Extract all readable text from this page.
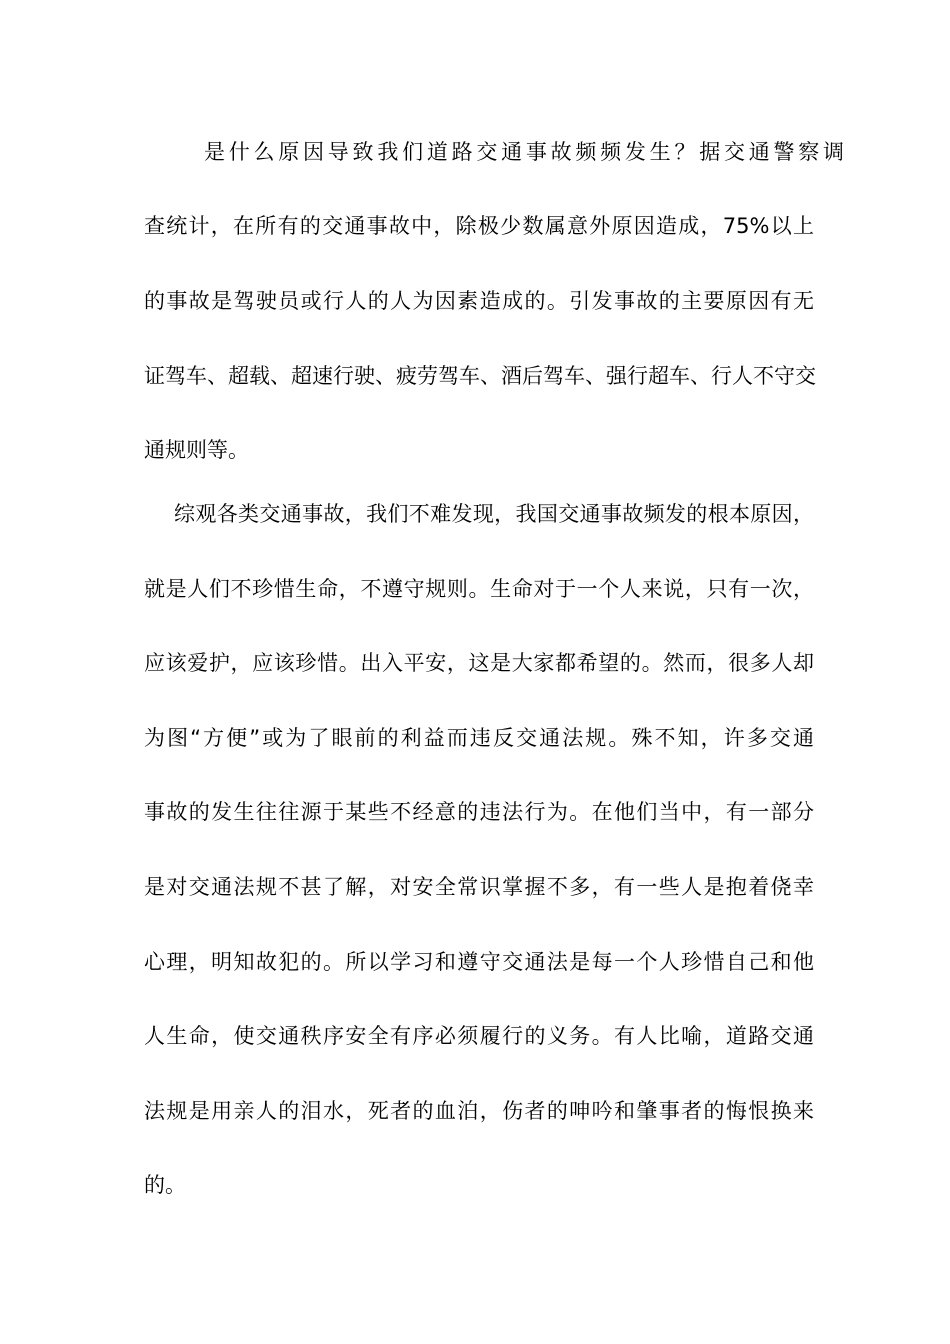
是什么原因导致我们道路交通事故频频发生？据交通警察调
查统计，在所有的交通事故中，除极少数属意外原因造成，75%以上
的事故是驾驶员或行人的人为因素造成的。引发事故的主要原因有无
证驾车、超载、超速行驶、疲劳驾车、酒后驾车、强行超车、行人不守交
通规则等。
综观各类交通事故，我们不难发现，我国交通事故频发的根本原因，
就是人们不珍惜生命，不遵守规则。生命对于一个人来说，只有一次，
应该爱护，应该珍惜。出入平安，这是大家都希望的。然而，很多人却
为图“方便”或为了眼前的利益而违反交通法规。殊不知，许多交通
事故的发生往往源于某些不经意的违法行为。在他们当中，有一部分
是对交通法规不甚了解，对安全常识掌握不多，有一些人是抱着侥幸
心理，明知故犯的。所以学习和遵守交通法是每一个人珍惜自己和他
人生命，使交通秩序安全有序必须履行的义务。有人比喻，道路交通
法规是用亲人的泪水，死者的血泊，伤者的呻吟和肇事者的悔恨换来
的。
